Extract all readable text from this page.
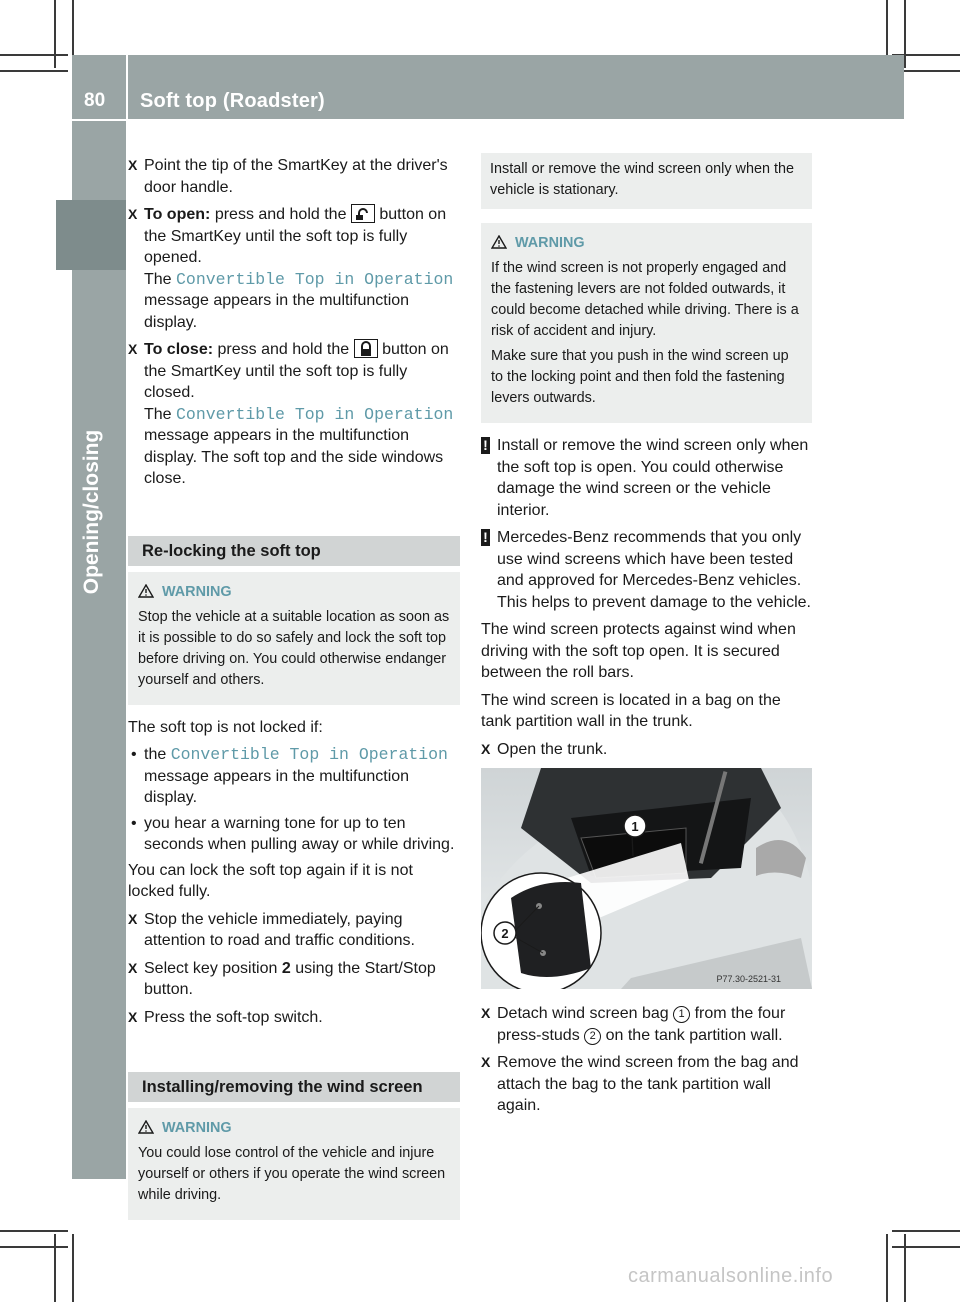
80	Soft top (Roadster)
Opening/closing
X Point the tip of the SmartKey at the driver's door handle.
X To open: press and hold the button on the SmartKey until the soft top is fully opened.
The Convertible Top in Operation message appears in the multifunction display.
X To close: press and hold the button on the SmartKey until the soft top is fully closed.
The Convertible Top in Operation message appears in the multifunction display. The soft top and the side windows close.
Re-locking the soft top
WARNING

Stop the vehicle at a suitable location as soon as it is possible to do so safely and lock the soft top before driving on. You could otherwise endanger yourself and others.

The soft top is not locked if:

• the Convertible Top in Operation message appears in the multifunction display.
• you hear a warning tone for up to ten seconds when pulling away or while driving.

You can lock the soft top again if it is not locked fully.

X Stop the vehicle immediately, paying attention to road and traffic conditions.
X Select key position 2 using the Start/Stop button.
X Press the soft-top switch.
Installing/removing the wind screen
WARNING

You could lose control of the vehicle and injure yourself or others if you operate the wind screen while driving.

Install or remove the wind screen only when the vehicle is stationary.

WARNING

If the wind screen is not properly engaged and the fastening levers are not folded outwards, it could become detached while driving. There is a risk of accident and injury.

Make sure that you push in the wind screen up to the locking point and then fold the fastening levers outwards.

! Install or remove the wind screen only when the soft top is open. You could otherwise damage the wind screen or the vehicle interior.
! Mercedes-Benz recommends that you only use wind screens which have been tested and approved for Mercedes-Benz vehicles. This helps to prevent damage to the vehicle.

The wind screen protects against wind when driving with the soft top open. It is secured between the roll bars.

The wind screen is located in a bag on the tank partition wall in the trunk.

X Open the trunk.
1
2
P77.30-2521-31
X Detach wind screen bag 1 from the four press-studs 2 on the tank partition wall.
X Remove the wind screen from the bag and attach the bag to the tank partition wall again.
carmanualsonline.info
